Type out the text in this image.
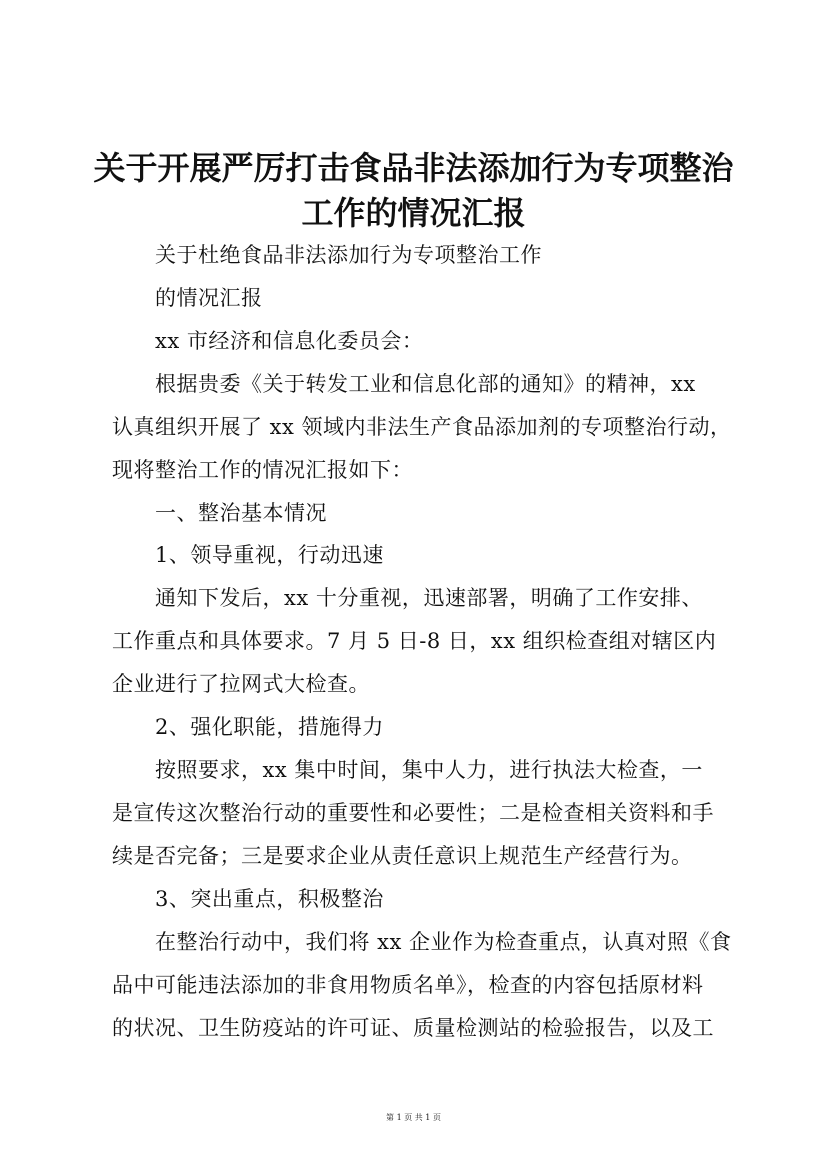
关于开展严厉打击食品非法添加行为专项整治
工作的情况汇报
关于杜绝食品非法添加行为专项整治工作
的情况汇报
xx 市经济和信息化委员会：
根据贵委《关于转发工业和信息化部的通知》的精神，xx
认真组织开展了 xx 领域内非法生产食品添加剂的专项整治行动，
现将整治工作的情况汇报如下：
一、整治基本情况
1、领导重视，行动迅速
通知下发后，xx 十分重视，迅速部署，明确了工作安排、
工作重点和具体要求。7 月 5 日-8 日，xx 组织检查组对辖区内
企业进行了拉网式大检查。
2、强化职能，措施得力
按照要求，xx 集中时间，集中人力，进行执法大检查，一
是宣传这次整治行动的重要性和必要性；二是检查相关资料和手
续是否完备；三是要求企业从责任意识上规范生产经营行为。
3、突出重点，积极整治
在整治行动中，我们将 xx 企业作为检查重点，认真对照《食
品中可能违法添加的非食用物质名单》，检查的内容包括原材料
的状况、卫生防疫站的许可证、质量检测站的检验报告，以及工
第 1 页 共 1 页
